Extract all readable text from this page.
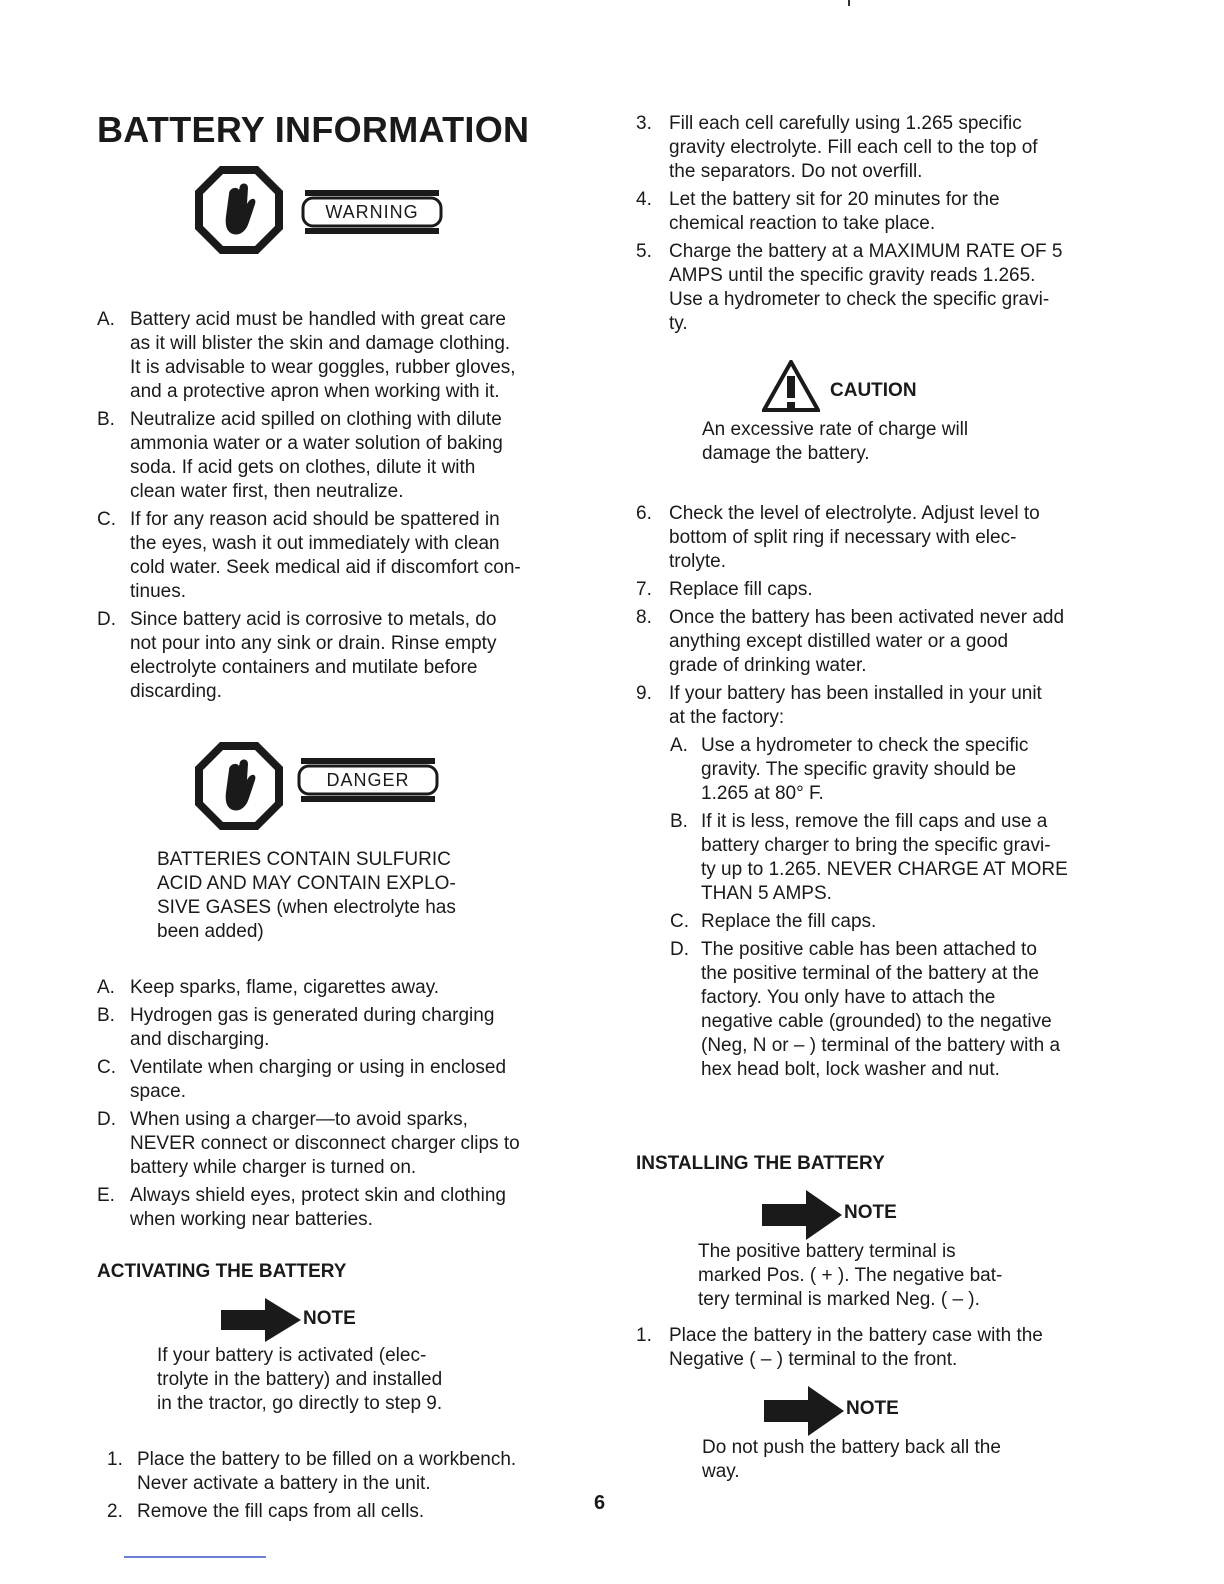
BATTERY INFORMATION
WARNING
A. Battery acid must be handled with great care
as it will blister the skin and damage clothing.
It is advisable to wear goggles, rubber gloves,
and a protective apron when working with it.
B. Neutralize acid spilled on clothing with dilute
ammonia water or a water solution of baking
soda. If acid gets on clothes, dilute it with
clean water first, then neutralize.
C. If for any reason acid should be spattered in
the eyes, wash it out immediately with clean
cold water. Seek medical aid if discomfort con-
tinues.
D. Since battery acid is corrosive to metals, do
not pour into any sink or drain. Rinse empty
electrolyte containers and mutilate before
discarding.
DANGER

BATTERIES CONTAIN SULFURIC

ACID AND MAY CONTAIN EXPLO-

SIVE GASES (when electrolyte has

been added)

A. Keep sparks, flame, cigarettes away.
B. Hydrogen gas is generated during charging
and discharging.
C. Ventilate when charging or using in enclosed
space.
D. When using a charger—to avoid sparks,
NEVER connect or disconnect charger clips to
battery while charger is turned on.
E. Always shield eyes, protect skin and clothing
when working near batteries.

ACTIVATING THE BATTERY

NOTE

If your battery is activated (elec-

trolyte in the battery) and installed

in the tractor, go directly to step 9.

1. Place the battery to be filled on a workbench.
Never activate a battery in the unit.
2. Remove the fill caps from all cells.
3. Fill each cell carefully using 1.265 specific
gravity electrolyte. Fill each cell to the top of
the separators. Do not overfill.
4. Let the battery sit for 20 minutes for the
chemical reaction to take place.
5. Charge the battery at a MAXIMUM RATE OF 5
AMPS until the specific gravity reads 1.265.
Use a hydrometer to check the specific gravi-
ty.
CAUTION

An excessive rate of charge will

damage the battery.

6. Check the level of electrolyte. Adjust level to
bottom of split ring if necessary with elec-
trolyte.
7. Replace fill caps.
8. Once the battery has been activated never add
anything except distilled water or a good
grade of drinking water.
9. If your battery has been installed in your unit
at the factory:
A. Use a hydrometer to check the specific
gravity. The specific gravity should be
1.265 at 80° F.
B. If it is less, remove the fill caps and use a
battery charger to bring the specific gravi-
ty up to 1.265. NEVER CHARGE AT MORE
THAN 5 AMPS.
C. Replace the fill caps.
D. The positive cable has been attached to
the positive terminal of the battery at the
factory. You only have to attach the
negative cable (grounded) to the negative
(Neg, N or – ) terminal of the battery with a
hex head bolt, lock washer and nut.

INSTALLING THE BATTERY

NOTE

The positive battery terminal is

marked Pos. ( + ). The negative bat-

tery terminal is marked Neg. ( – ).

1. Place the battery in the battery case with the
Negative ( – ) terminal to the front.
NOTE

Do not push the battery back all the

way.

6
